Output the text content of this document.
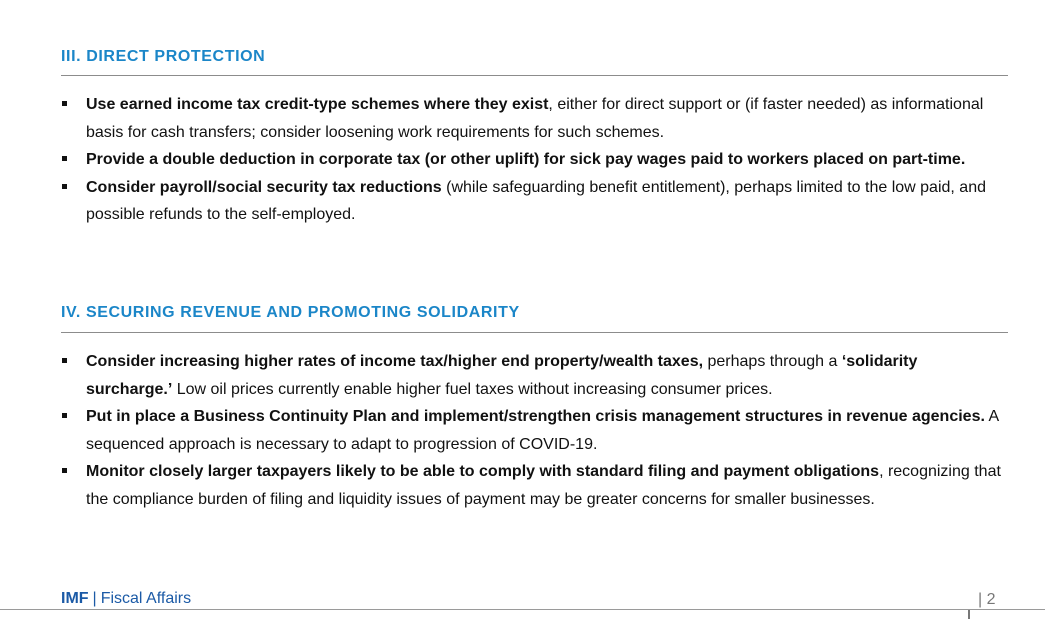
III. DIRECT PROTECTION
Use earned income tax credit-type schemes where they exist, either for direct support or (if faster needed) as informational basis for cash transfers; consider loosening work requirements for such schemes.
Provide a double deduction in corporate tax (or other uplift) for sick pay wages paid to workers placed on part-time.
Consider payroll/social security tax reductions (while safeguarding benefit entitlement), perhaps limited to the low paid, and possible refunds to the self-employed.
IV. SECURING REVENUE AND PROMOTING SOLIDARITY
Consider increasing higher rates of income tax/higher end property/wealth taxes, perhaps through a ‘solidarity surcharge.’ Low oil prices currently enable higher fuel taxes without increasing consumer prices.
Put in place a Business Continuity Plan and implement/strengthen crisis management structures in revenue agencies. A sequenced approach is necessary to adapt to progression of COVID-19.
Monitor closely larger taxpayers likely to be able to comply with standard filing and payment obligations, recognizing that the compliance burden of filing and liquidity issues of payment may be greater concerns for smaller businesses.
IMF | Fiscal Affairs	| 2
